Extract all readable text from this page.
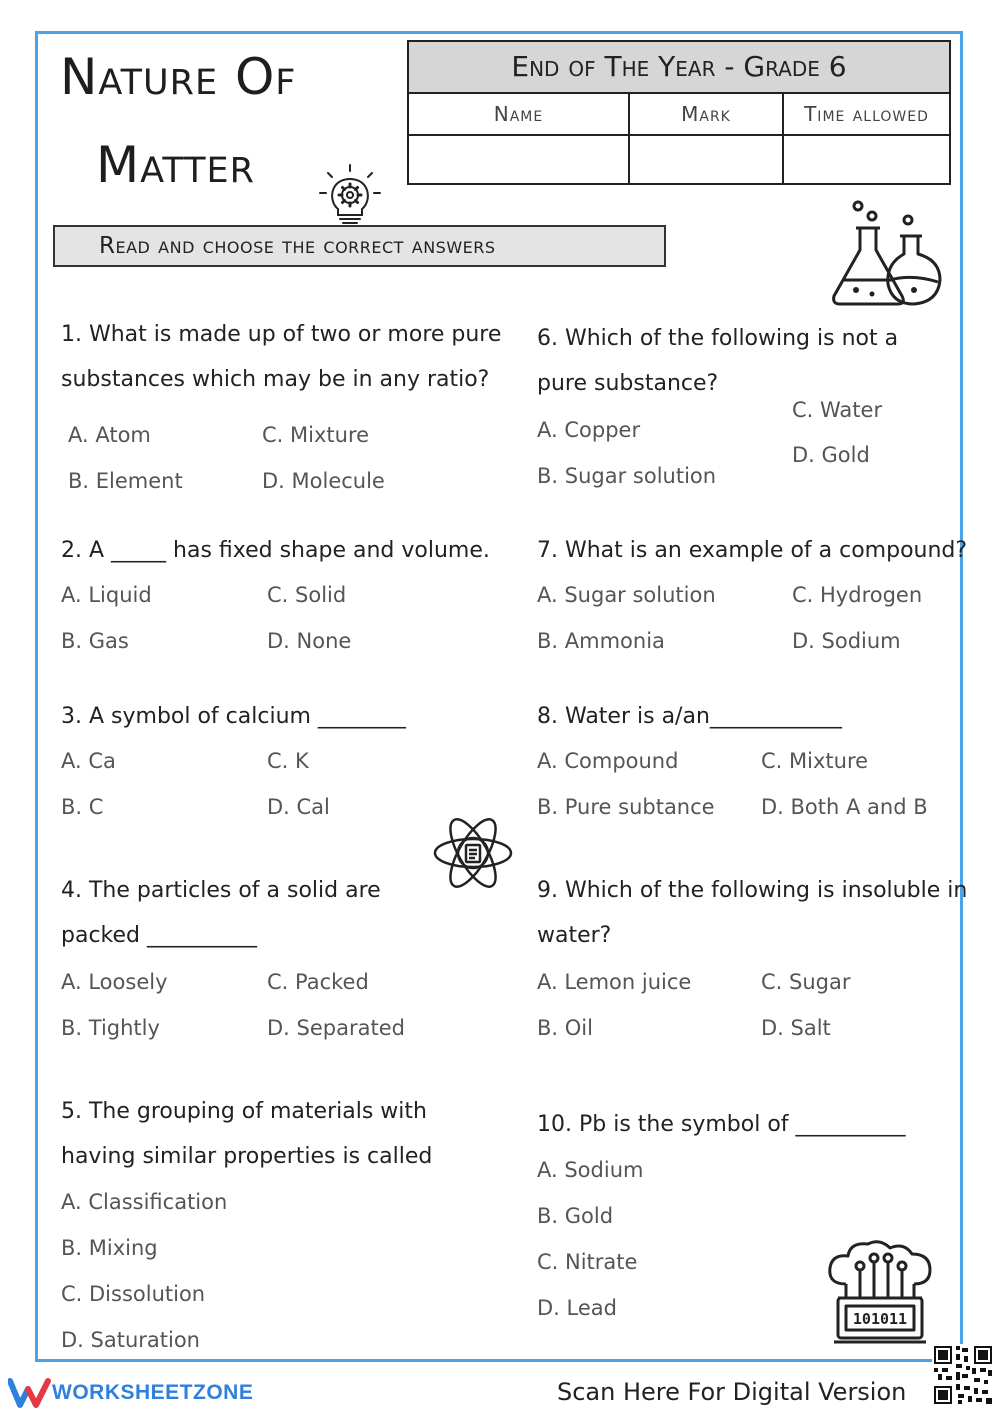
Nature Of
Matter
End of The Year - Grade 6
Name	Mark	Time allowed
Read and choose the correct answers
1. What is made up of two or more pure
substances which may be in any ratio?
A. Atom
B. Element
C. Mixture
D. Molecule
2. A _____ has fixed shape and volume.
A. Liquid
B. Gas
C. Solid
D. None
3. A symbol of calcium ________
A. Ca
B. C
C. K
D. Cal
4. The particles of a solid are
packed __________
A. Loosely
B. Tightly
C. Packed
D. Separated
5. The grouping of materials with
having similar properties is called
A. Classification
B. Mixing
C. Dissolution
D. Saturation
6. Which of the following is not a
pure substance?
A. Copper
B. Sugar solution
C. Water
D. Gold
7. What is an example of a compound?
A. Sugar solution
B. Ammonia
C. Hydrogen
D. Sodium
8. Water is a/an____________
A. Compound
B. Pure subtance
C. Mixture
D. Both A and B
9. Which of the following is insoluble in
water?
A. Lemon juice
B. Oil
C. Sugar
D. Salt
10. Pb is the symbol of __________
A. Sodium
B. Gold
C. Nitrate
D. Lead	101011
WORKSHEETZONE	Scan Here For Digital Version
